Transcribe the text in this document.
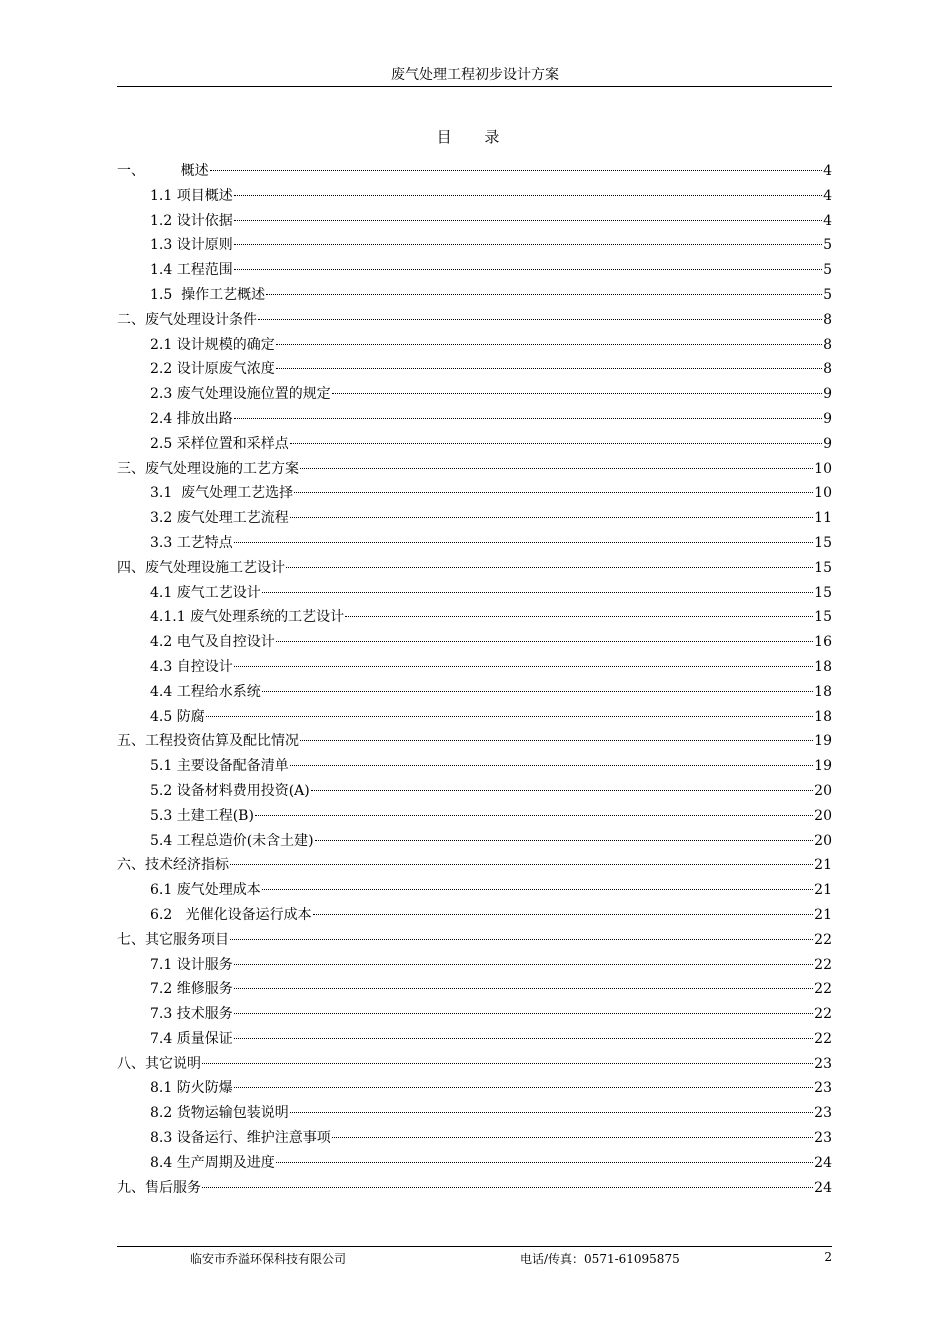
废气处理工程初步设计方案
目 录
一、        概述	4
1.1 项目概述	4
1.2 设计依据	4
1.3 设计原则	5
1.4 工程范围	5
1.5  操作工艺概述	5
二、废气处理设计条件	8
2.1 设计规模的确定	8
2.2 设计原废气浓度	8
2.3 废气处理设施位置的规定	9
2.4 排放出路	9
2.5 采样位置和采样点	9
三、废气处理设施的工艺方案	10
3.1  废气处理工艺选择	10
3.2 废气处理工艺流程	11
3.3 工艺特点	15
四、废气处理设施工艺设计	15
4.1 废气工艺设计	15
4.1.1 废气处理系统的工艺设计	15
4.2 电气及自控设计	16
4.3 自控设计	18
4.4 工程给水系统	18
4.5 防腐	18
五、工程投资估算及配比情况	19
5.1 主要设备配备清单	19
5.2 设备材料费用投资(A)	20
5.3 土建工程(B)	20
5.4 工程总造价(未含土建)	20
六、技术经济指标	21
6.1 废气处理成本	21
6.2   光催化设备运行成本	21
七、其它服务项目	22
7.1 设计服务	22
7.2 维修服务	22
7.3 技术服务	22
7.4 质量保证	22
八、其它说明	23
8.1 防火防爆	23
8.2 货物运输包装说明	23
8.3 设备运行、维护注意事项	23
8.4 生产周期及进度	24
九、售后服务	24
临安市乔溢环保科技有限公司	电话/传真：0571-61095875	2
